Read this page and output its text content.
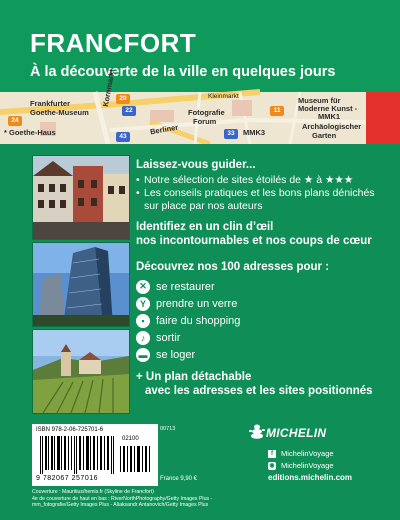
FRANCFORT
À la découverte de la ville en quelques jours
Frankfurter
Goethe-Museum
* Goethe-Haus
Kornmarkt
Berliner
Fotografie
Forum
Museum für
Moderne Kunst -
MMK1
MMK3
Archäologischer
Garten
Kleinmarkt
20
22
24
43	33
11
Laissez-vous guider...
• Notre sélection de sites étoilés de ★ à ★★★
• Les conseils pratiques et les bons plans dénichés sur place par nos auteurs
Identifiez en un clin d’œil
nos incontournables et nos coups de cœur
Découvrez nos 100 adresses pour :
✕ se restaurer
Y prendre un verre
▪	faire du shopping
♪ sortir
▬ se loger
+ Un plan détachable
avec les adresses et les sites positionnés
ISBN 978-2-06-725701-6
9 782067 257016
02100
00713
France 9,90 €
Couverture : Mauritius/hemis.fr (Skyline de Francfort)
4e de couverture de haut en bas : RiverNorthPhotography/Getty Images Plus -
mm_fotografie/Getty Images Plus - Aliaksandr Antanovich/Getty Images Plus
MICHELIN
f	MichelinVoyage
◉ MichelinVoyage
editions.michelin.com
